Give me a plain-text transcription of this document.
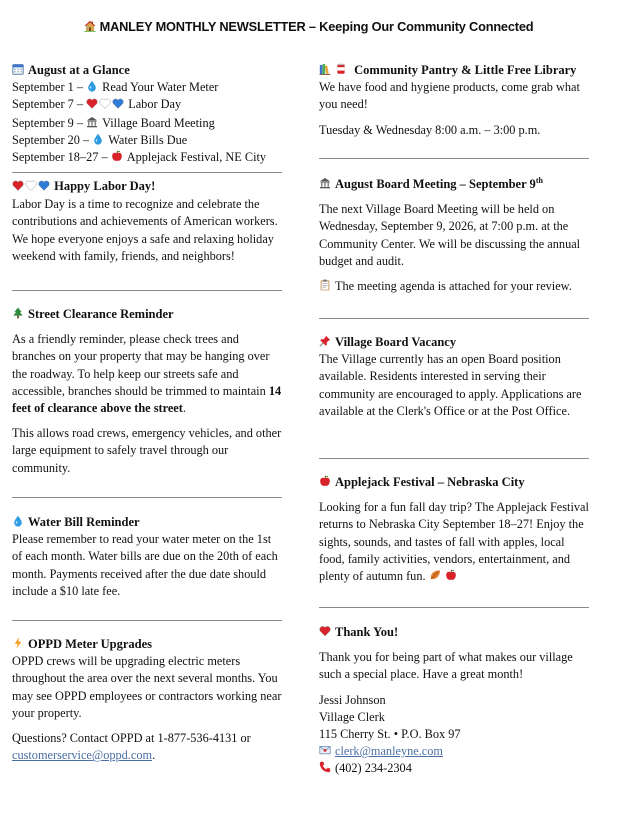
MANLEY MONTHLY NEWSLETTER – Keeping Our Community Connected

August at a Glance

September 1 – Read Your Water Meter
September 7 –	Labor Day
September 9 – Village Board Meeting
September 20 – Water Bills Due
September 18–27 – Applejack Festival, NE City

Happy Labor Day!

Labor Day is a time to recognize and celebrate the contributions and achievements of American workers. We hope everyone enjoys a safe and relaxing holiday weekend with family, friends, and neighbors!

Street Clearance Reminder

As a friendly reminder, please check trees and branches on your property that may be hanging over the roadway. To help keep our streets safe and accessible, branches should be trimmed to maintain 14 feet of clearance above the street.

This allows road crews, emergency vehicles, and other large equipment to safely travel through our community.

Water Bill Reminder

Please remember to read your water meter on the 1st of each month. Water bills are due on the 20th of each month. Payments received after the due date should include a $10 late fee.

OPPD Meter Upgrades

OPPD crews will be upgrading electric meters throughout the area over the next several months. You may see OPPD employees or contractors working near your property.

Questions? Contact OPPD at 1-877-536-4131 or customerservice@oppd.com.

Community Pantry & Little Free Library

We have food and hygiene products, come grab what you need!

Tuesday & Wednesday 8:00 a.m. – 3:00 p.m.

August Board Meeting – September 9th

The next Village Board Meeting will be held on Wednesday, September 9, 2026, at 7:00 p.m. at the Community Center. We will be discussing the annual budget and audit.

The meeting agenda is attached for your review.

Village Board Vacancy

The Village currently has an open Board position available. Residents interested in serving their community are encouraged to apply. Applications are available at the Clerk's Office or at the Post Office.

Applejack Festival – Nebraska City

Looking for a fun fall day trip? The Applejack Festival returns to Nebraska City September 18–27! Enjoy the sights, sounds, and tastes of fall with apples, local food, family activities, vendors, entertainment, and plenty of autumn fun.

Thank You!

Thank you for being part of what makes our village such a special place. Have a great month!

Jessi Johnson

Village Clerk

115 Cherry St. • P.O. Box 97

clerk@manleyne.com

(402) 234-2304
